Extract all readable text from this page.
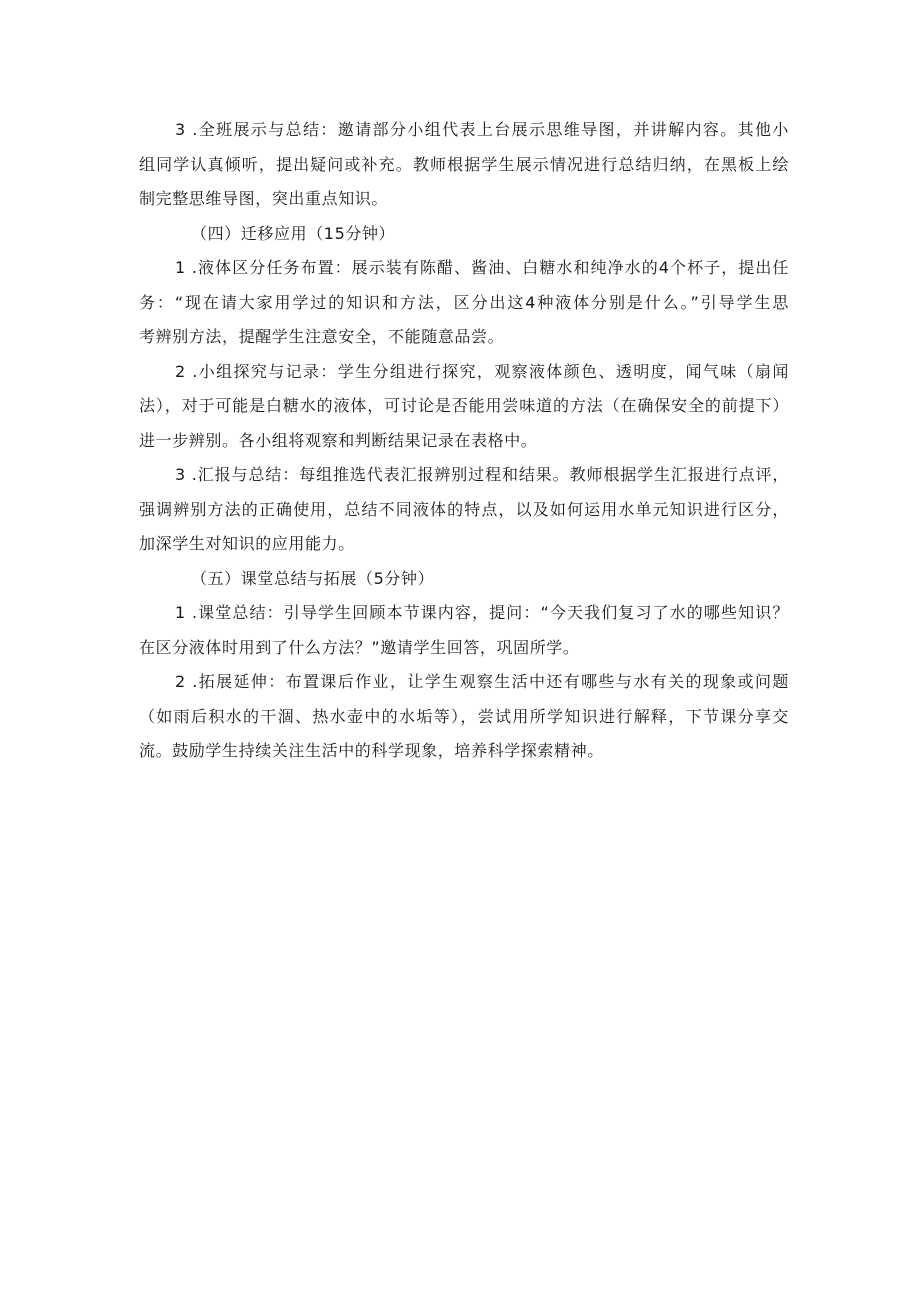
3 .全班展示与总结：邀请部分小组代表上台展示思维导图，并讲解内容。其他小
组同学认真倾听，提出疑问或补充。教师根据学生展示情况进行总结归纳，在黑板上绘
制完整思维导图，突出重点知识。
（四）迁移应用（15分钟）
1 .液体区分任务布置：展示装有陈醋、酱油、白糖水和纯净水的4个杯子，提出任
务：“现在请大家用学过的知识和方法，区分出这4种液体分别是什么。”引导学生思
考辨别方法，提醒学生注意安全，不能随意品尝。
2 .小组探究与记录：学生分组进行探究，观察液体颜色、透明度，闻气味（扇闻
法），对于可能是白糖水的液体，可讨论是否能用尝味道的方法（在确保安全的前提下）
进一步辨别。各小组将观察和判断结果记录在表格中。
3 .汇报与总结：每组推选代表汇报辨别过程和结果。教师根据学生汇报进行点评，
强调辨别方法的正确使用，总结不同液体的特点，以及如何运用水单元知识进行区分，
加深学生对知识的应用能力。
（五）课堂总结与拓展（5分钟）
1 .课堂总结：引导学生回顾本节课内容，提问：“今天我们复习了水的哪些知识？
在区分液体时用到了什么方法？”邀请学生回答，巩固所学。
2 .拓展延伸：布置课后作业，让学生观察生活中还有哪些与水有关的现象或问题
（如雨后积水的干涸、热水壶中的水垢等），尝试用所学知识进行解释，下节课分享交
流。鼓励学生持续关注生活中的科学现象，培养科学探索精神。
